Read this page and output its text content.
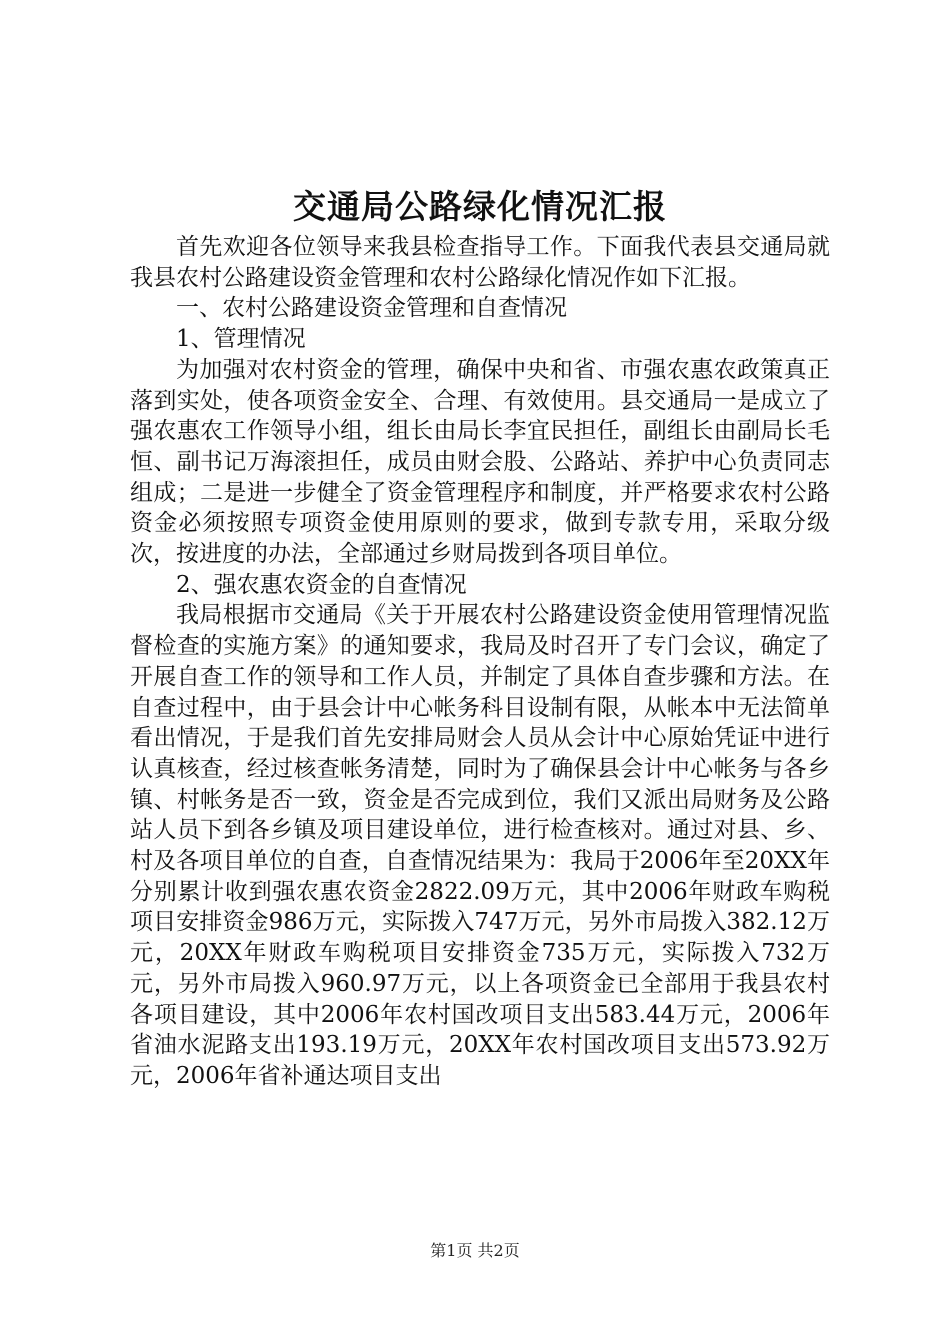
交通局公路绿化情况汇报

首先欢迎各位领导来我县检查指导工作。下面我代表县交通局就我县农村公路建设资金管理和农村公路绿化情况作如下汇报。

一、农村公路建设资金管理和自查情况

1、管理情况

为加强对农村资金的管理，确保中央和省、市强农惠农政策真正落到实处，使各项资金安全、合理、有效使用。县交通局一是成立了强农惠农工作领导小组，组长由局长李宜民担任，副组长由副局长毛恒、副书记万海滚担任，成员由财会股、公路站、养护中心负责同志组成；二是进一步健全了资金管理程序和制度，并严格要求农村公路资金必须按照专项资金使用原则的要求，做到专款专用，采取分级次，按进度的办法，全部通过乡财局拨到各项目单位。

2、强农惠农资金的自查情况

我局根据市交通局《关于开展农村公路建设资金使用管理情况监督检查的实施方案》的通知要求，我局及时召开了专门会议，确定了开展自查工作的领导和工作人员，并制定了具体自查步骤和方法。在自查过程中，由于县会计中心帐务科目设制有限，从帐本中无法简单看出情况，于是我们首先安排局财会人员从会计中心原始凭证中进行认真核查，经过核查帐务清楚，同时为了确保县会计中心帐务与各乡镇、村帐务是否一致，资金是否完成到位，我们又派出局财务及公路站人员下到各乡镇及项目建设单位，进行检查核对。通过对县、乡、村及各项目单位的自查，自查情况结果为：我局于2006年至20XX年分别累计收到强农惠农资金2822.09万元，其中2006年财政车购税项目安排资金986万元，实际拨入747万元，另外市局拨入382.12万元，20XX年财政车购税项目安排资金735万元，实际拨入732万元，另外市局拨入960.97万元，以上各项资金已全部用于我县农村各项目建设，其中2006年农村国改项目支出583.44万元，2006年省油水泥路支出193.19万元，20XX年农村国改项目支出573.92万元，2006年省补通达项目支出

第1页 共2页
